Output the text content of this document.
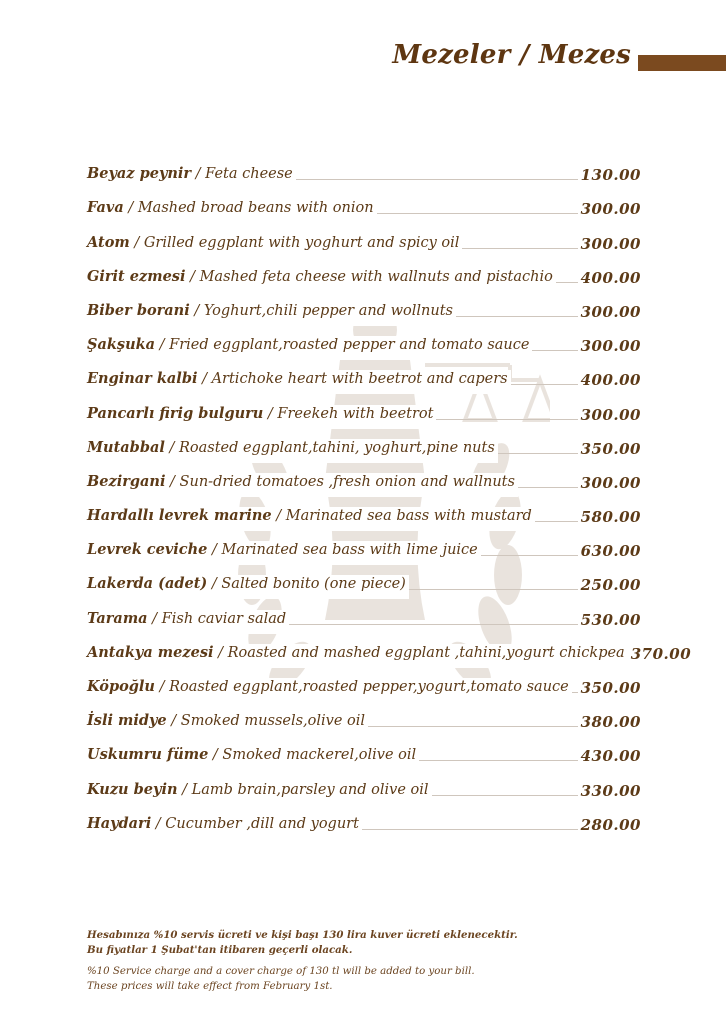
Mezeler / Mezes
Beyaz peynir / Feta cheese	130.00
Fava / Mashed broad beans with onion	300.00
Atom / Grilled eggplant with yoghurt and spicy oil	300.00
Girit ezmesi / Mashed feta cheese with wallnuts and pistachio 400.00
Biber borani / Yoghurt,chili pepper and wollnuts	300.00
Şakşuka / Fried eggplant,roasted pepper and tomato sauce	300.00
Enginar kalbi / Artichoke heart with beetrot and capers	400.00
Pancarlı firig bulguru / Freekeh with beetrot	300.00
Mutabbal / Roasted eggplant,tahini, yoghurt,pine nuts	350.00
Bezirgani / Sun-dried tomatoes ,fresh onion and wallnuts	300.00
Hardallı levrek marine / Marinated sea bass with mustard	580.00
Levrek ceviche / Marinated sea bass with lime juice	630.00
Lakerda (adet) / Salted bonito (one piece)	250.00
Tarama / Fish caviar salad	530.00
Antakya mezesi / Roasted and mashed eggplant ,tahini,yogurt chickpea 370.00
Köpoğlu / Roasted eggplant,roasted pepper,yogurt,tomato sauce 350.00
İsli midye / Smoked mussels,olive oil	380.00
Uskumru füme / Smoked mackerel,olive oil	430.00
Kuzu beyin / Lamb brain,parsley and olive oil	330.00
Haydari / Cucumber ,dill and yogurt	280.00
Hesabınıza %10 servis ücreti ve kişi başı 130 lira kuver ücreti eklenecektir.
Bu fiyatlar 1 Şubat'tan itibaren geçerli olacak.
%10 Service charge and a cover charge of 130 tl will be added to your bill.
These prices will take effect from February 1st.
